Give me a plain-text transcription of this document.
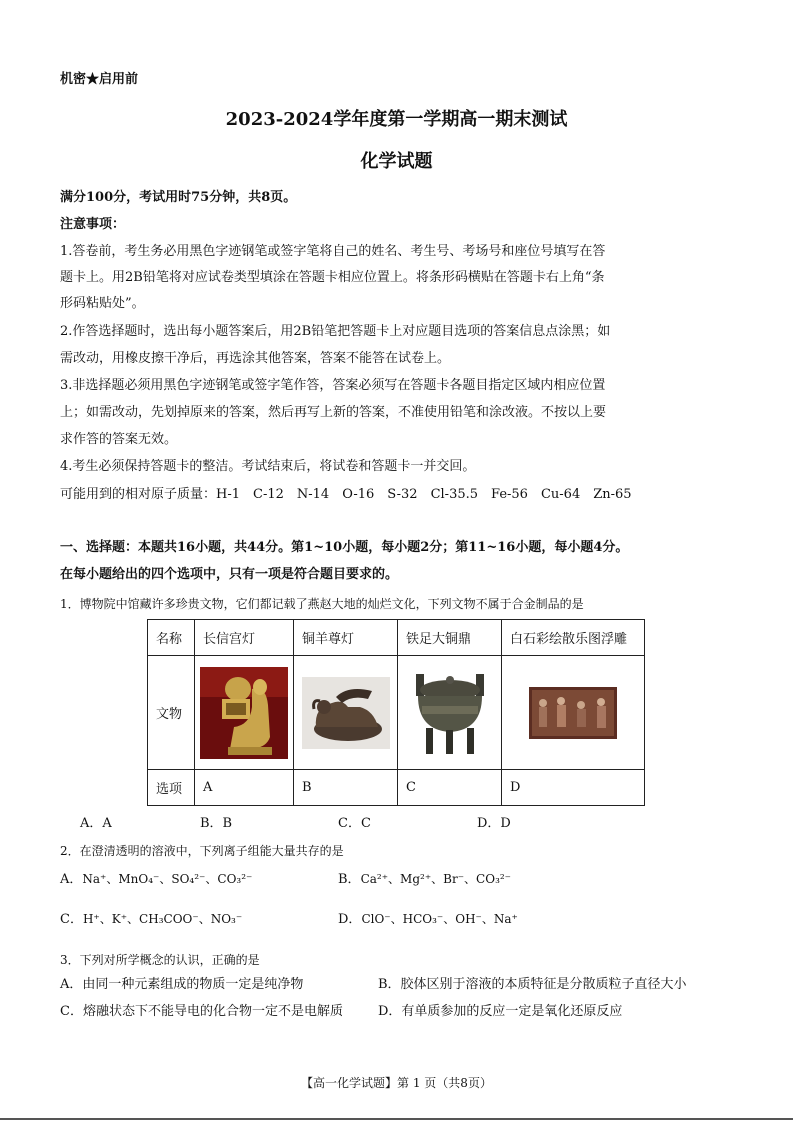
机密★启用前
2023-2024学年度第一学期高一期末测试
化学试题
满分100分，考试用时75分钟，共8页。
注意事项：
1.答卷前，考生务必用黑色字迹钢笔或签字笔将自己的姓名、考生号、考场号和座位号填写在答
题卡上。用2B铅笔将对应试卷类型填涂在答题卡相应位置上。将条形码横贴在答题卡右上角“条
形码粘贴处”。
2.作答选择题时，选出每小题答案后，用2B铅笔把答题卡上对应题目选项的答案信息点涂黑；如
需改动，用橡皮擦干净后，再选涂其他答案，答案不能答在试卷上。
3.非选择题必须用黑色字迹钢笔或签字笔作答，答案必须写在答题卡各题目指定区域内相应位置
上；如需改动，先划掉原来的答案，然后再写上新的答案，不准使用铅笔和涂改液。不按以上要
求作答的答案无效。
4.考生必须保持答题卡的整洁。考试结束后，将试卷和答题卡一并交回。
可能用到的相对原子质量：H-1　C-12　N-14　O-16　S-32　Cl-35.5　Fe-56　Cu-64　Zn-65
一、选择题：本题共16小题，共44分。第1~10小题，每小题2分；第11~16小题，每小题4分。
在每小题给出的四个选项中，只有一项是符合题目要求的。
1．博物院中馆藏许多珍贵文物，它们都记载了燕赵大地的灿烂文化，下列文物不属于合金制品的是
名称	长信宫灯	铜羊尊灯	铁足大铜鼎	白石彩绘散乐图浮雕
文物	

选项	A	B	C	D
A．A	B．B	C．C	D．D
2．在澄清透明的溶液中，下列离子组能大量共存的是
A．Na⁺、MnO₄⁻、SO₄²⁻、CO₃²⁻	B．Ca²⁺、Mg²⁺、Br⁻、CO₃²⁻
C．H⁺、K⁺、CH₃COO⁻、NO₃⁻	D．ClO⁻、HCO₃⁻、OH⁻、Na⁺
3．下列对所学概念的认识，正确的是
A．由同一种元素组成的物质一定是纯净物	B．胶体区别于溶液的本质特征是分散质粒子直径大小
C．熔融状态下不能导电的化合物一定不是电解质	D．有单质参加的反应一定是氧化还原反应
【高一化学试题】第 1 页（共8页）
